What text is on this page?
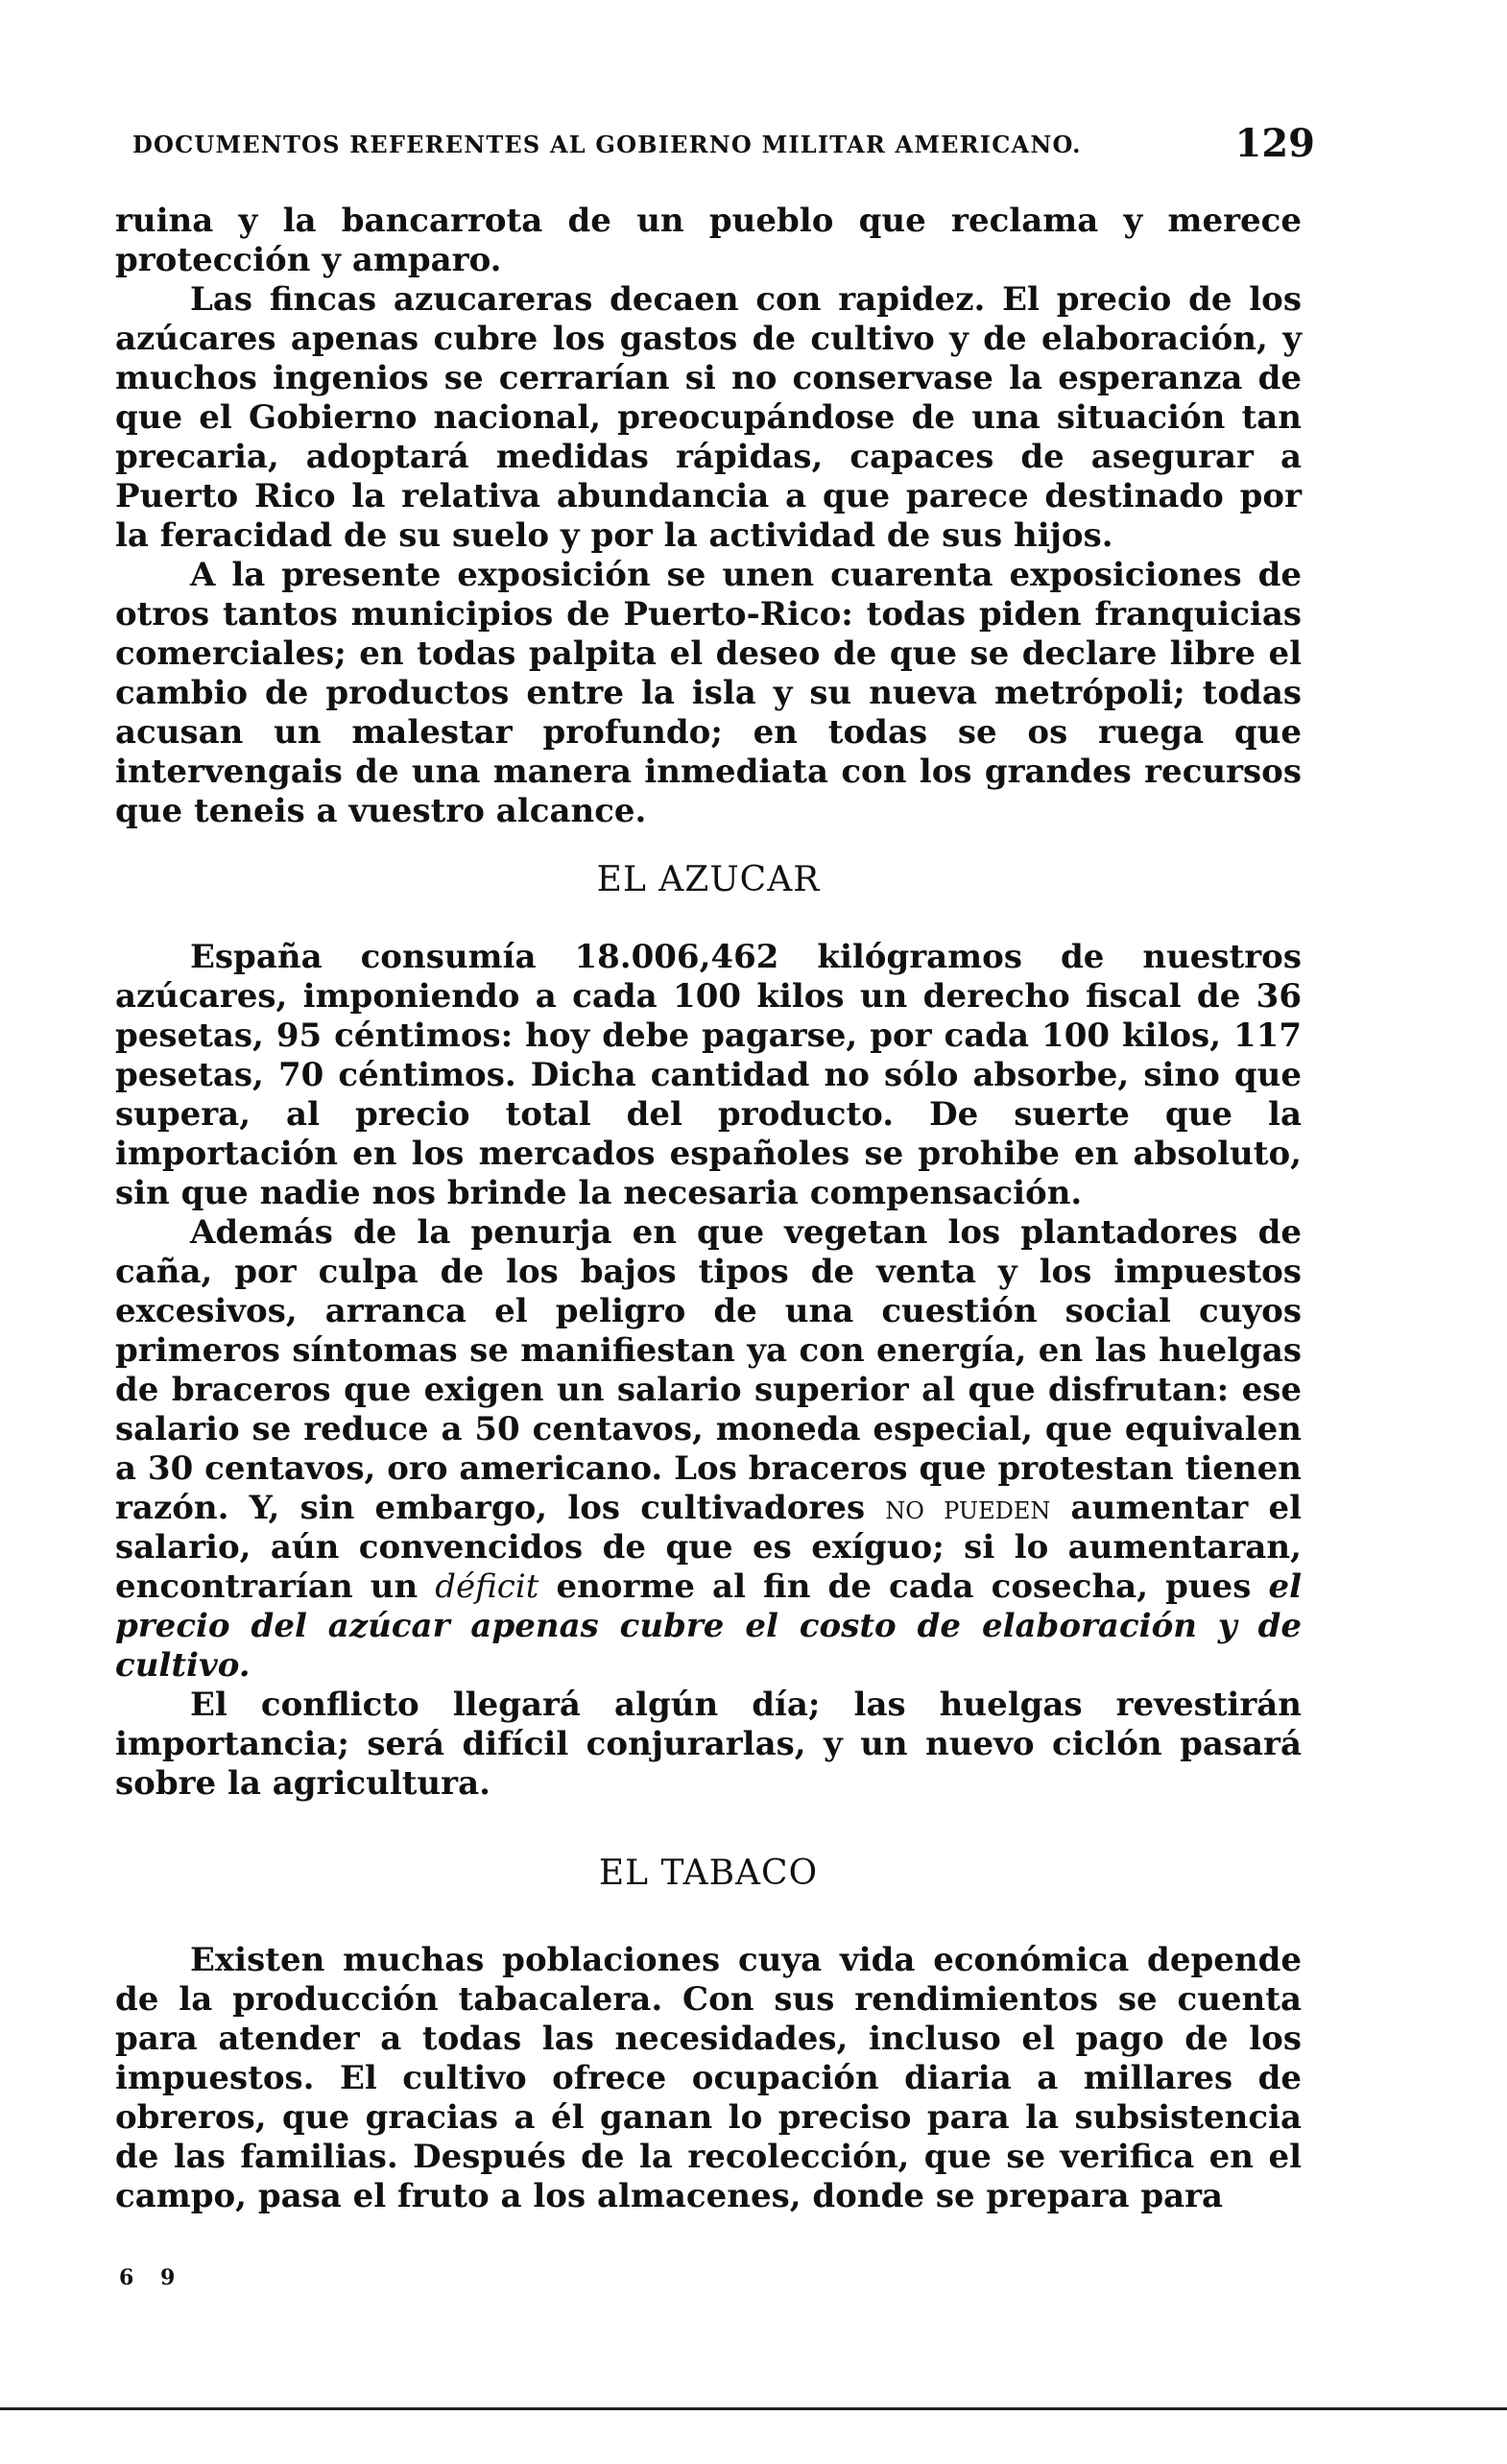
DOCUMENTOS REFERENTES AL GOBIERNO MILITAR AMERICANO.	129

ruina y la bancarrota de un pueblo que reclama y merece protección y amparo.

Las fincas azucareras decaen con rapidez. El precio de los azúcares apenas cubre los gastos de cultivo y de elaboración, y muchos ingenios se cerrarían si no conservase la esperanza de que el Gobierno nacional, preocupándose de una situación tan precaria, adoptará medidas rápidas, capaces de asegurar a Puerto Rico la relativa abundancia a que parece destinado por la feracidad de su suelo y por la actividad de sus hijos.

A la presente exposición se unen cuarenta exposiciones de otros tantos municipios de Puerto-Rico: todas piden franquicias comerciales; en todas palpita el deseo de que se declare libre el cambio de productos entre la isla y su nueva metrópoli; todas acusan un malestar profundo; en todas se os ruega que intervengais de una manera inmediata con los grandes recursos que teneis a vuestro alcance.

EL AZUCAR

España consumía 18.006,462 kilógramos de nuestros azúcares, imponiendo a cada 100 kilos un derecho fiscal de 36 pesetas, 95 céntimos: hoy debe pagarse, por cada 100 kilos, 117 pesetas, 70 céntimos. Dicha cantidad no sólo absorbe, sino que supera, al precio total del producto. De suerte que la importación en los mercados españoles se prohibe en absoluto, sin que nadie nos brinde la necesaria compensación.

Además de la penurja en que vegetan los plantadores de caña, por culpa de los bajos tipos de venta y los impuestos excesivos, arranca el peligro de una cuestión social cuyos primeros síntomas se manifiestan ya con energía, en las huelgas de braceros que exigen un salario superior al que disfrutan: ese salario se reduce a 50 centavos, moneda especial, que equivalen a 30 centavos, oro americano. Los braceros que protestan tienen razón. Y, sin embargo, los cultivadores no pueden aumentar el salario, aún convencidos de que es exíguo; si lo aumentaran, encontrarían un déficit enorme al fin de cada cosecha, pues el precio del azúcar apenas cubre el costo de elaboración y de cultivo.

El conflicto llegará algún día; las huelgas revestirán importancia; será difícil conjurarlas, y un nuevo ciclón pasará sobre la agricultura.

EL TABACO

Existen muchas poblaciones cuya vida económica depende de la producción tabacalera. Con sus rendimientos se cuenta para atender a todas las necesidades, incluso el pago de los impuestos. El cultivo ofrece ocupación diaria a millares de obreros, que gracias a él ganan lo preciso para la subsistencia de las familias. Después de la recolección, que se verifica en el campo, pasa el fruto a los almacenes, donde se prepara para

6 9
